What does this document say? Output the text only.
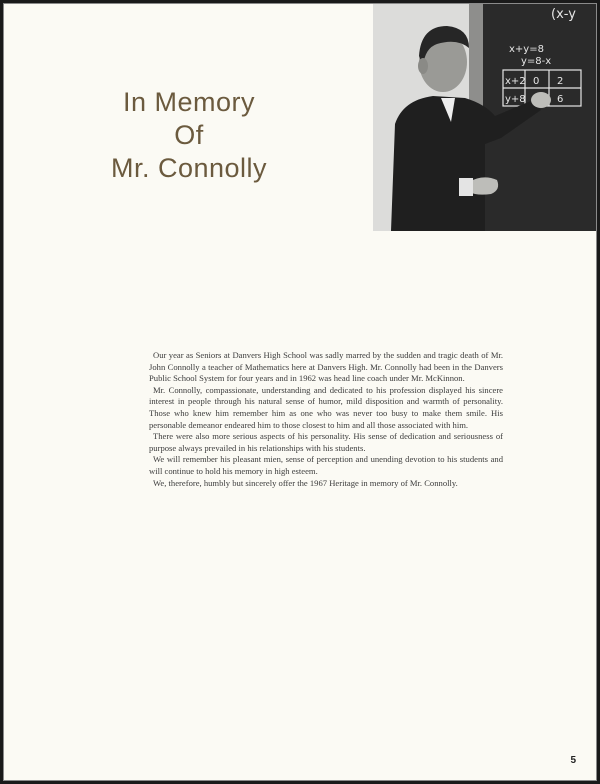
In Memory
Of
Mr. Connolly
x+y=8
y=8-x
x+2 0 2
y+8	6
(x-y

Our year as Seniors at Danvers High School was sadly marred by the sudden and tragic death of Mr. John Connolly a teacher of Mathematics here at Danvers High. Mr. Connolly had been in the Danvers Public School System for four years and in 1962 was head line coach under Mr. McKinnon.

Mr. Connolly, compassionate, understanding and dedicated to his profession displayed his sincere interest in people through his natural sense of humor, mild disposition and warmth of personality. Those who knew him remember him as one who was never too busy to make them smile. His personable demeanor endeared him to those closest to him and all those associated with him.

There were also more serious aspects of his personality. His sense of dedication and seriousness of purpose always prevailed in his relationships with his students.

We will remember his pleasant mien, sense of perception and unending devotion to his students and will continue to hold his memory in high esteem.

We, therefore, humbly but sincerely offer the 1967 Heritage in memory of Mr. Connolly.

5
